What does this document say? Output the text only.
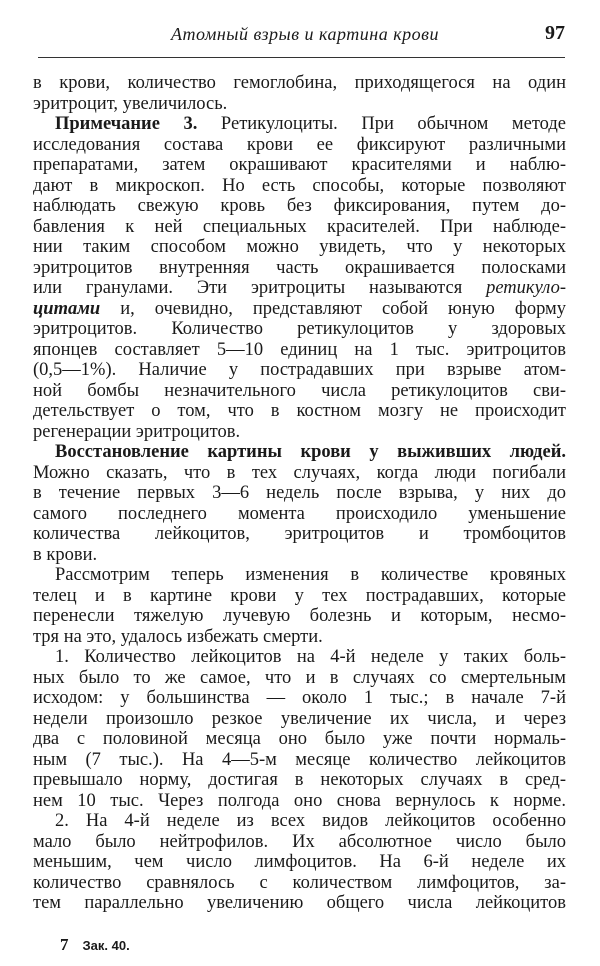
Атомный взрыв и картина крови	97
в крови, количество гемоглобина, приходящегося на один
эритроцит, увеличилось.
Примечание 3. Ретикулоциты. При обычном методе
исследования состава крови ее фиксируют различными
препаратами, затем окрашивают красителями и наблю-
дают в микроскоп. Но есть способы, которые позволяют
наблюдать свежую кровь без фиксирования, путем до-
бавления к ней специальных красителей. При наблюде-
нии таким способом можно увидеть, что у некоторых
эритроцитов внутренняя часть окрашивается полосками
или гранулами. Эти эритроциты называются ретикуло-
цитами и, очевидно, представляют собой юную форму
эритроцитов. Количество ретикулоцитов у здоровых
японцев составляет 5—10 единиц на 1 тыс. эритроцитов
(0,5—1%). Наличие у пострадавших при взрыве атом-
ной бомбы незначительного числа ретикулоцитов сви-
детельствует о том, что в костном мозгу не происходит
регенерации эритроцитов.
Восстановление картины крови у выживших людей.
Можно сказать, что в тех случаях, когда люди погибали
в течение первых 3—6 недель после взрыва, у них до
самого последнего момента происходило уменьшение
количества лейкоцитов, эритроцитов и тромбоцитов
в крови.
Рассмотрим теперь изменения в количестве кровяных
телец и в картине крови у тех пострадавших, которые
перенесли тяжелую лучевую болезнь и которым, несмо-
тря на это, удалось избежать смерти.
1. Количество лейкоцитов на 4-й неделе у таких боль-
ных было то же самое, что и в случаях со смертельным
исходом: у большинства — около 1 тыс.; в начале 7-й
недели произошло резкое увеличение их числа, и через
два с половиной месяца оно было уже почти нормаль-
ным (7 тыс.). На 4—5-м месяце количество лейкоцитов
превышало норму, достигая в некоторых случаях в сред-
нем 10 тыс. Через полгода оно снова вернулось к норме.
2. На 4-й неделе из всех видов лейкоцитов особенно
мало было нейтрофилов. Их абсолютное число было
меньшим, чем число лимфоцитов. На 6-й неделе их
количество сравнялось с количеством лимфоцитов, за-
тем параллельно увеличению общего числа лейкоцитов
7 Зак. 40.
